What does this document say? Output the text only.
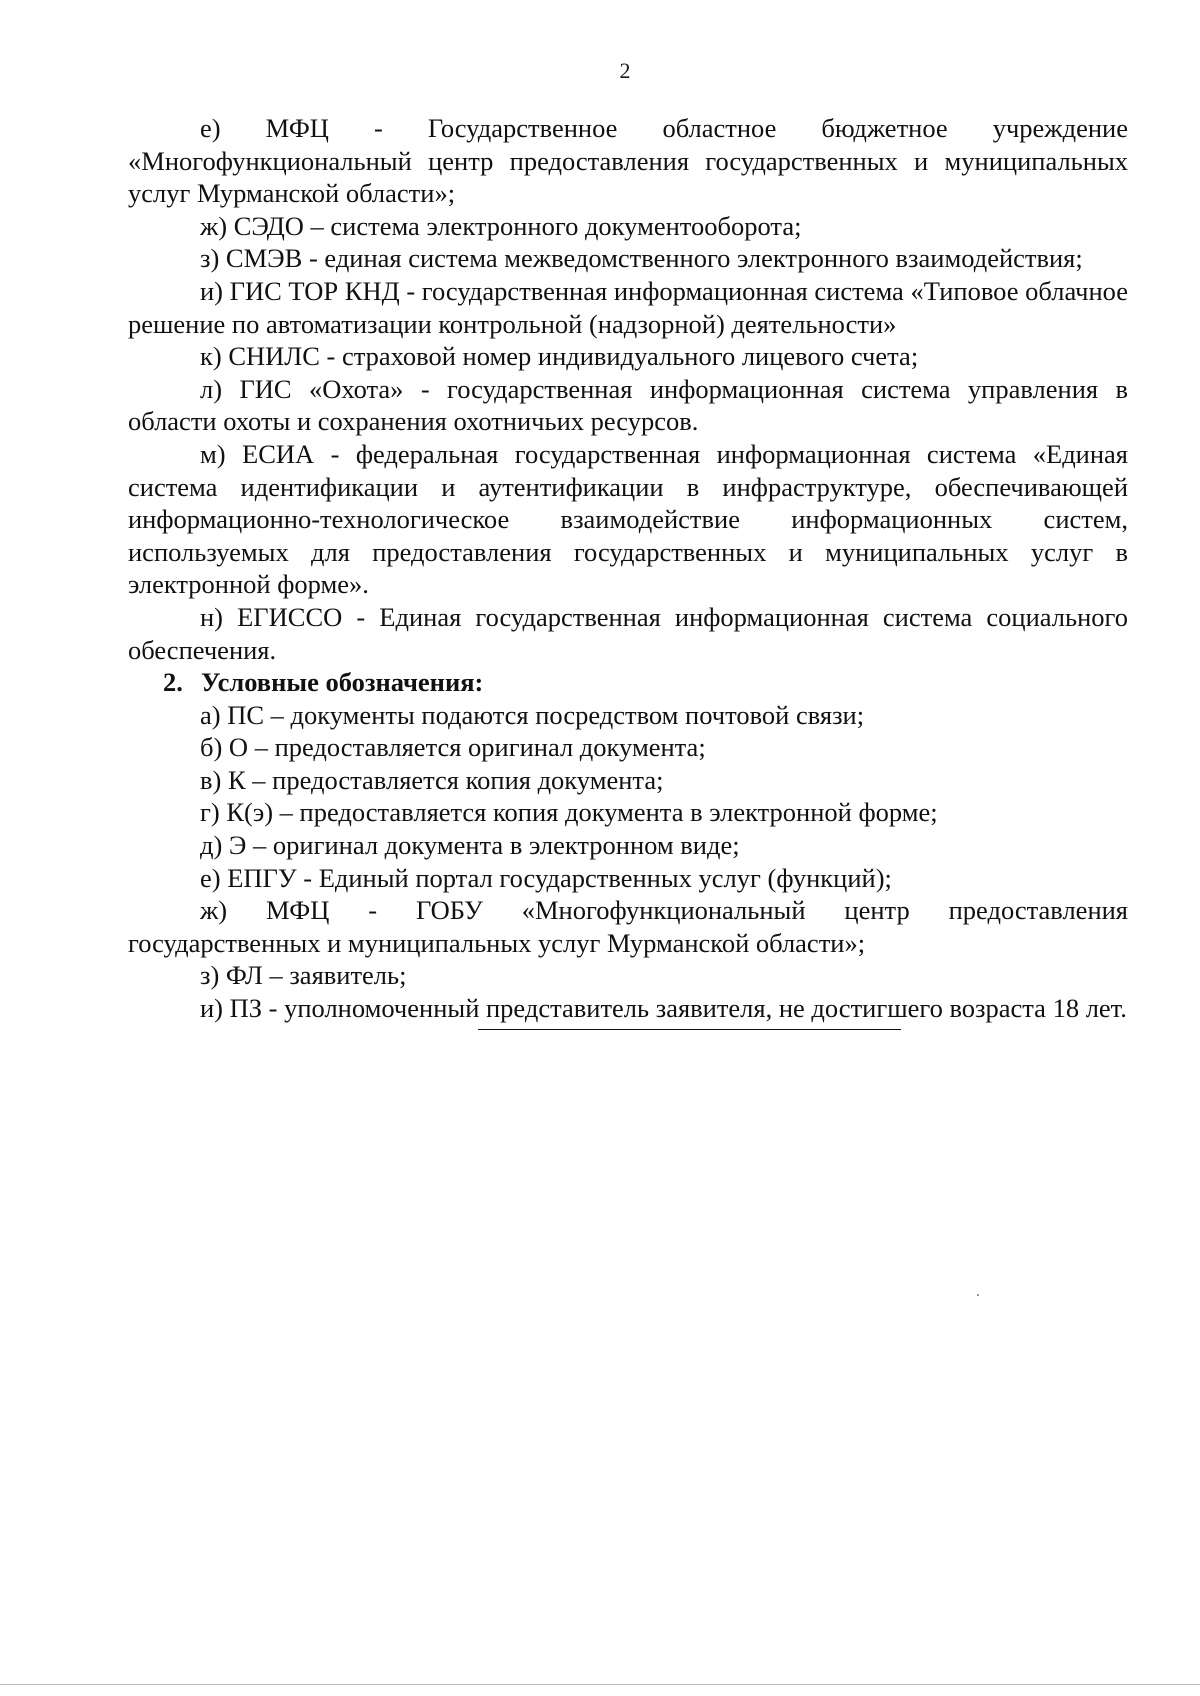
2

е) МФЦ - Государственное областное бюджетное учреждение «Многофункциональный центр предоставления государственных и муниципальных услуг Мурманской области»;

ж) СЭДО – система электронного документооборота;

з) СМЭВ - единая система межведомственного электронного взаимодействия;

и) ГИС ТОР КНД - государственная информационная система «Типовое облачное решение по автоматизации контрольной (надзорной) деятельности»

к) СНИЛС - страховой номер индивидуального лицевого счета;

л) ГИС «Охота» - государственная информационная система управления в области охоты и сохранения охотничьих ресурсов.

м) ЕСИА - федеральная государственная информационная система «Единая система идентификации и аутентификации в инфраструктуре, обеспечивающей информационно-технологическое взаимодействие информационных систем, используемых для предоставления государственных и муниципальных услуг в электронной форме».

н) ЕГИССО - Единая государственная информационная система социального обеспечения.

2. Условные обозначения:

а) ПС – документы подаются посредством почтовой связи;

б) О – предоставляется оригинал документа;

в) К – предоставляется копия документа;

г) К(э) – предоставляется копия документа в электронной форме;

д) Э – оригинал документа в электронном виде;

е) ЕПГУ - Единый портал государственных услуг (функций);

ж) МФЦ - ГОБУ «Многофункциональный центр предоставления государственных и муниципальных услуг Мурманской области»;

з) ФЛ – заявитель;

и) ПЗ - уполномоченный представитель заявителя, не достигшего возраста 18 лет.
